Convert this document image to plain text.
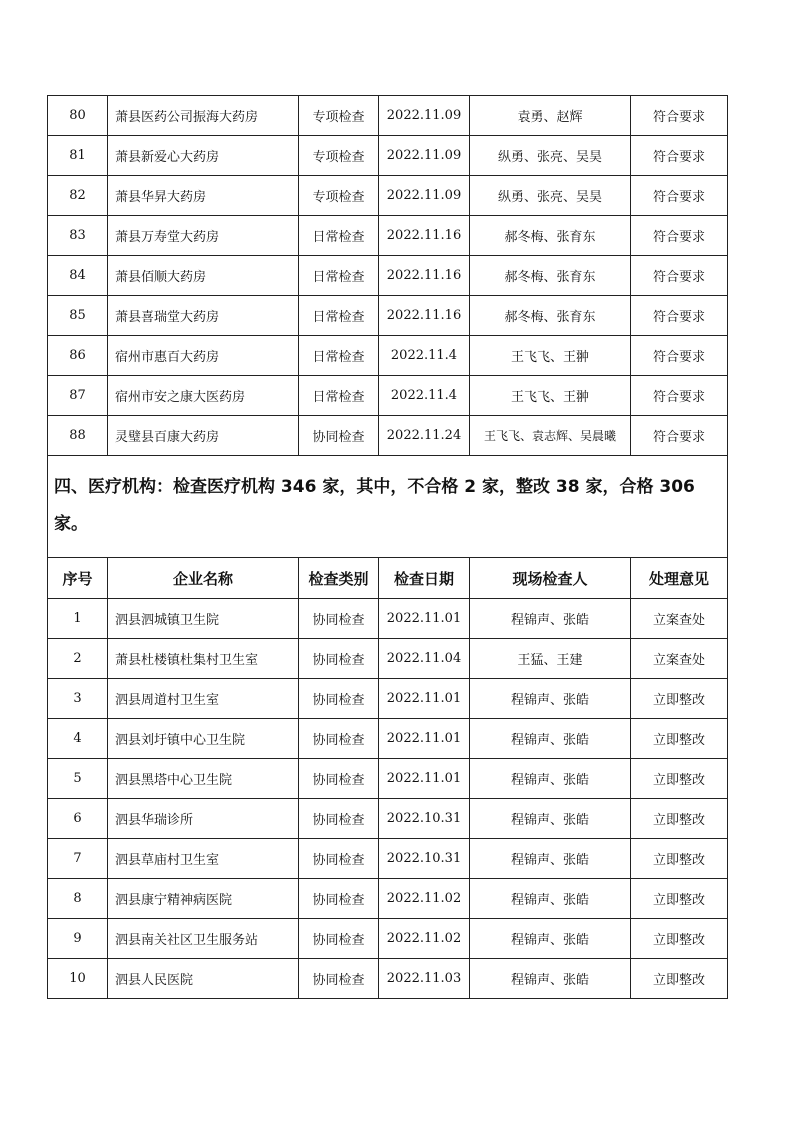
80	萧县医药公司振海大药房	专项检查	2022.11.09	袁勇、赵辉	符合要求
81	萧县新爱心大药房	专项检查	2022.11.09	纵勇、张亮、吴昊	符合要求
82	萧县华昇大药房	专项检查	2022.11.09	纵勇、张亮、吴昊	符合要求
83	萧县万寿堂大药房	日常检查	2022.11.16	郝冬梅、张育东	符合要求
84	萧县佰顺大药房	日常检查	2022.11.16	郝冬梅、张育东	符合要求
85	萧县喜瑞堂大药房	日常检查	2022.11.16	郝冬梅、张育东	符合要求
86	宿州市惠百大药房	日常检查	2022.11.4	王飞飞、王翀	符合要求
87	宿州市安之康大医药房	日常检查	2022.11.4	王飞飞、王翀	符合要求
88	灵璧县百康大药房	协同检查	2022.11.24	王飞飞、袁志辉、吴晨曦	符合要求
四、医疗机构：检查医疗机构 346 家，其中，不合格 2 家，整改 38 家，合格 306 家。					
序号	企业名称	检查类别	检查日期	现场检查人	处理意见
1	泗县泗城镇卫生院	协同检查	2022.11.01	程锦声、张皓	立案查处
2	萧县杜楼镇杜集村卫生室	协同检查	2022.11.04	王猛、王建	立案查处
3	泗县周道村卫生室	协同检查	2022.11.01	程锦声、张皓	立即整改
4	泗县刘圩镇中心卫生院	协同检查	2022.11.01	程锦声、张皓	立即整改
5	泗县黑塔中心卫生院	协同检查	2022.11.01	程锦声、张皓	立即整改
6	泗县华瑞诊所	协同检查	2022.10.31	程锦声、张皓	立即整改
7	泗县草庙村卫生室	协同检查	2022.10.31	程锦声、张皓	立即整改
8	泗县康宁精神病医院	协同检查	2022.11.02	程锦声、张皓	立即整改
9	泗县南关社区卫生服务站	协同检查	2022.11.02	程锦声、张皓	立即整改
10	泗县人民医院	协同检查	2022.11.03	程锦声、张皓	立即整改
